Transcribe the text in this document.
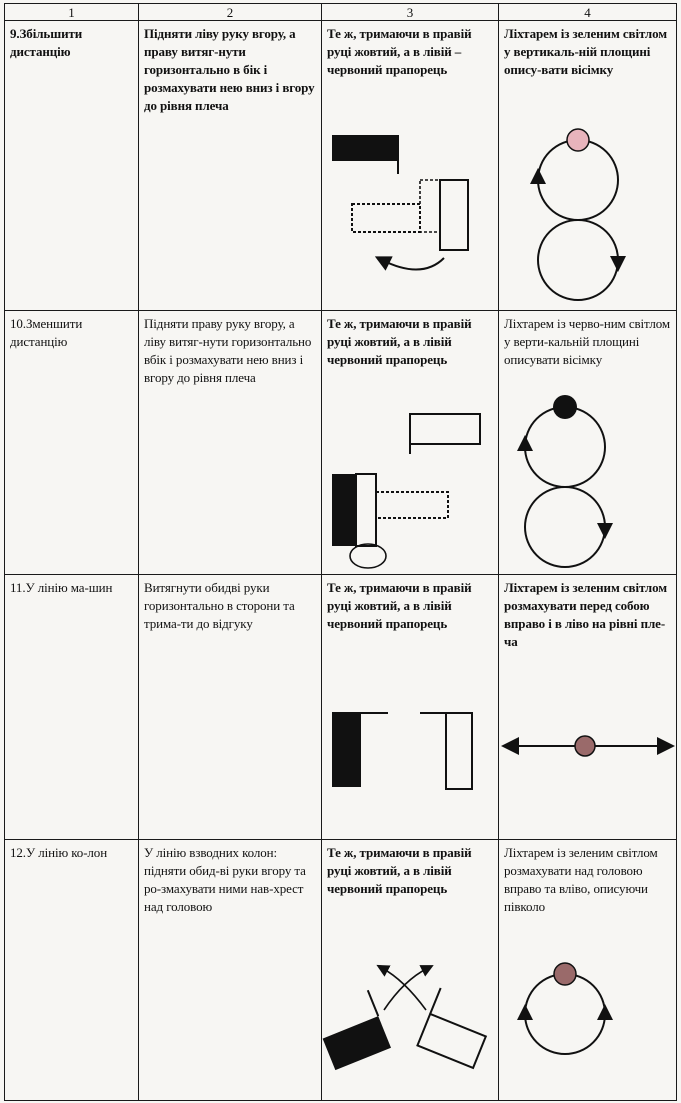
1	2	3	4

9.Збільшити дистанцію	Підняти ліву руку вгору, а праву витяг-нути горизонтально в бік і розмахувати нею вниз і вгору до рівня плеча	Те ж, тримаючи в правій руці жовтий, а в лівій – червоний прапорець	Ліхтарем із зеленим світлом у вертикаль-ній площині опису-вати вісімку

10.Зменшити дистанцію	Підняти праву руку вгору, а ліву витяг-нути горизонтально вбік і розмахувати нею вниз і вгору до рівня плеча	Те ж, тримаючи в правій руці жовтий, а в лівій червоний прапорець	Ліхтарем із черво-ним світлом у верти-кальній площині описувати вісімку

11.У лінію ма-шин	Витягнути обидві руки горизонтально в сторони та трима-ти до відгуку	Те ж, тримаючи в правій руці жовтий, а в лівій червоний прапорець	Ліхтарем із зеленим світлом розмахувати перед собою вправо і в ліво на рівні пле-ча

12.У лінію ко-лон	У лінію взводних колон: підняти обид-ві руки вгору та ро-змахувати ними нав-хрест над головою	Те ж, тримаючи в правій руці жовтий, а в лівій червоний прапорець	Ліхтарем із зеленим світлом розмахувати над головою вправо та вліво, описуючи півколо
